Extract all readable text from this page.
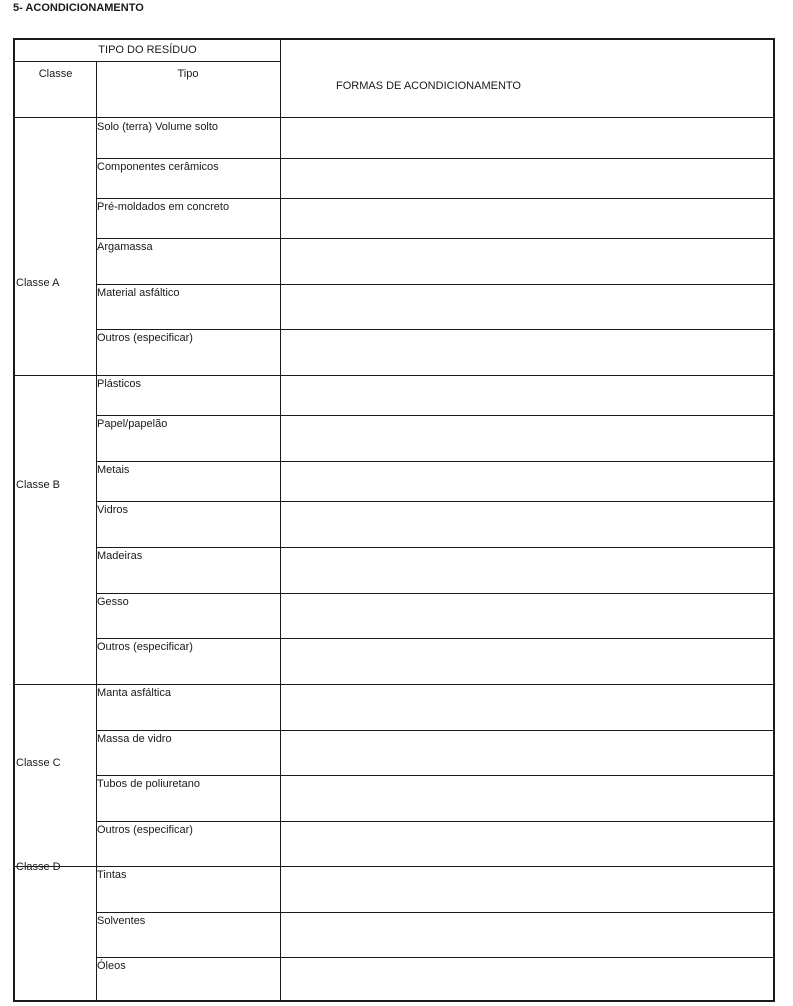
5- ACONDICIONAMENTO
TIPO DO RESÍDUO
Classe	Tipo
FORMAS DE ACONDICIONAMENTO
Classe A
Solo (terra) Volume solto
Componentes cerâmicos
Pré-moldados em concreto
Argamassa
Material asfáltico
Outros (especificar)
Classe B
Plásticos
Papel/papelão
Metais
Vidros
Madeiras
Gesso
Outros (especificar)
Classe C
Manta asfáltica
Massa de vidro
Tubos de poliuretano
Outros (especificar)
Classe D
Tintas
Solventes
Óleos
